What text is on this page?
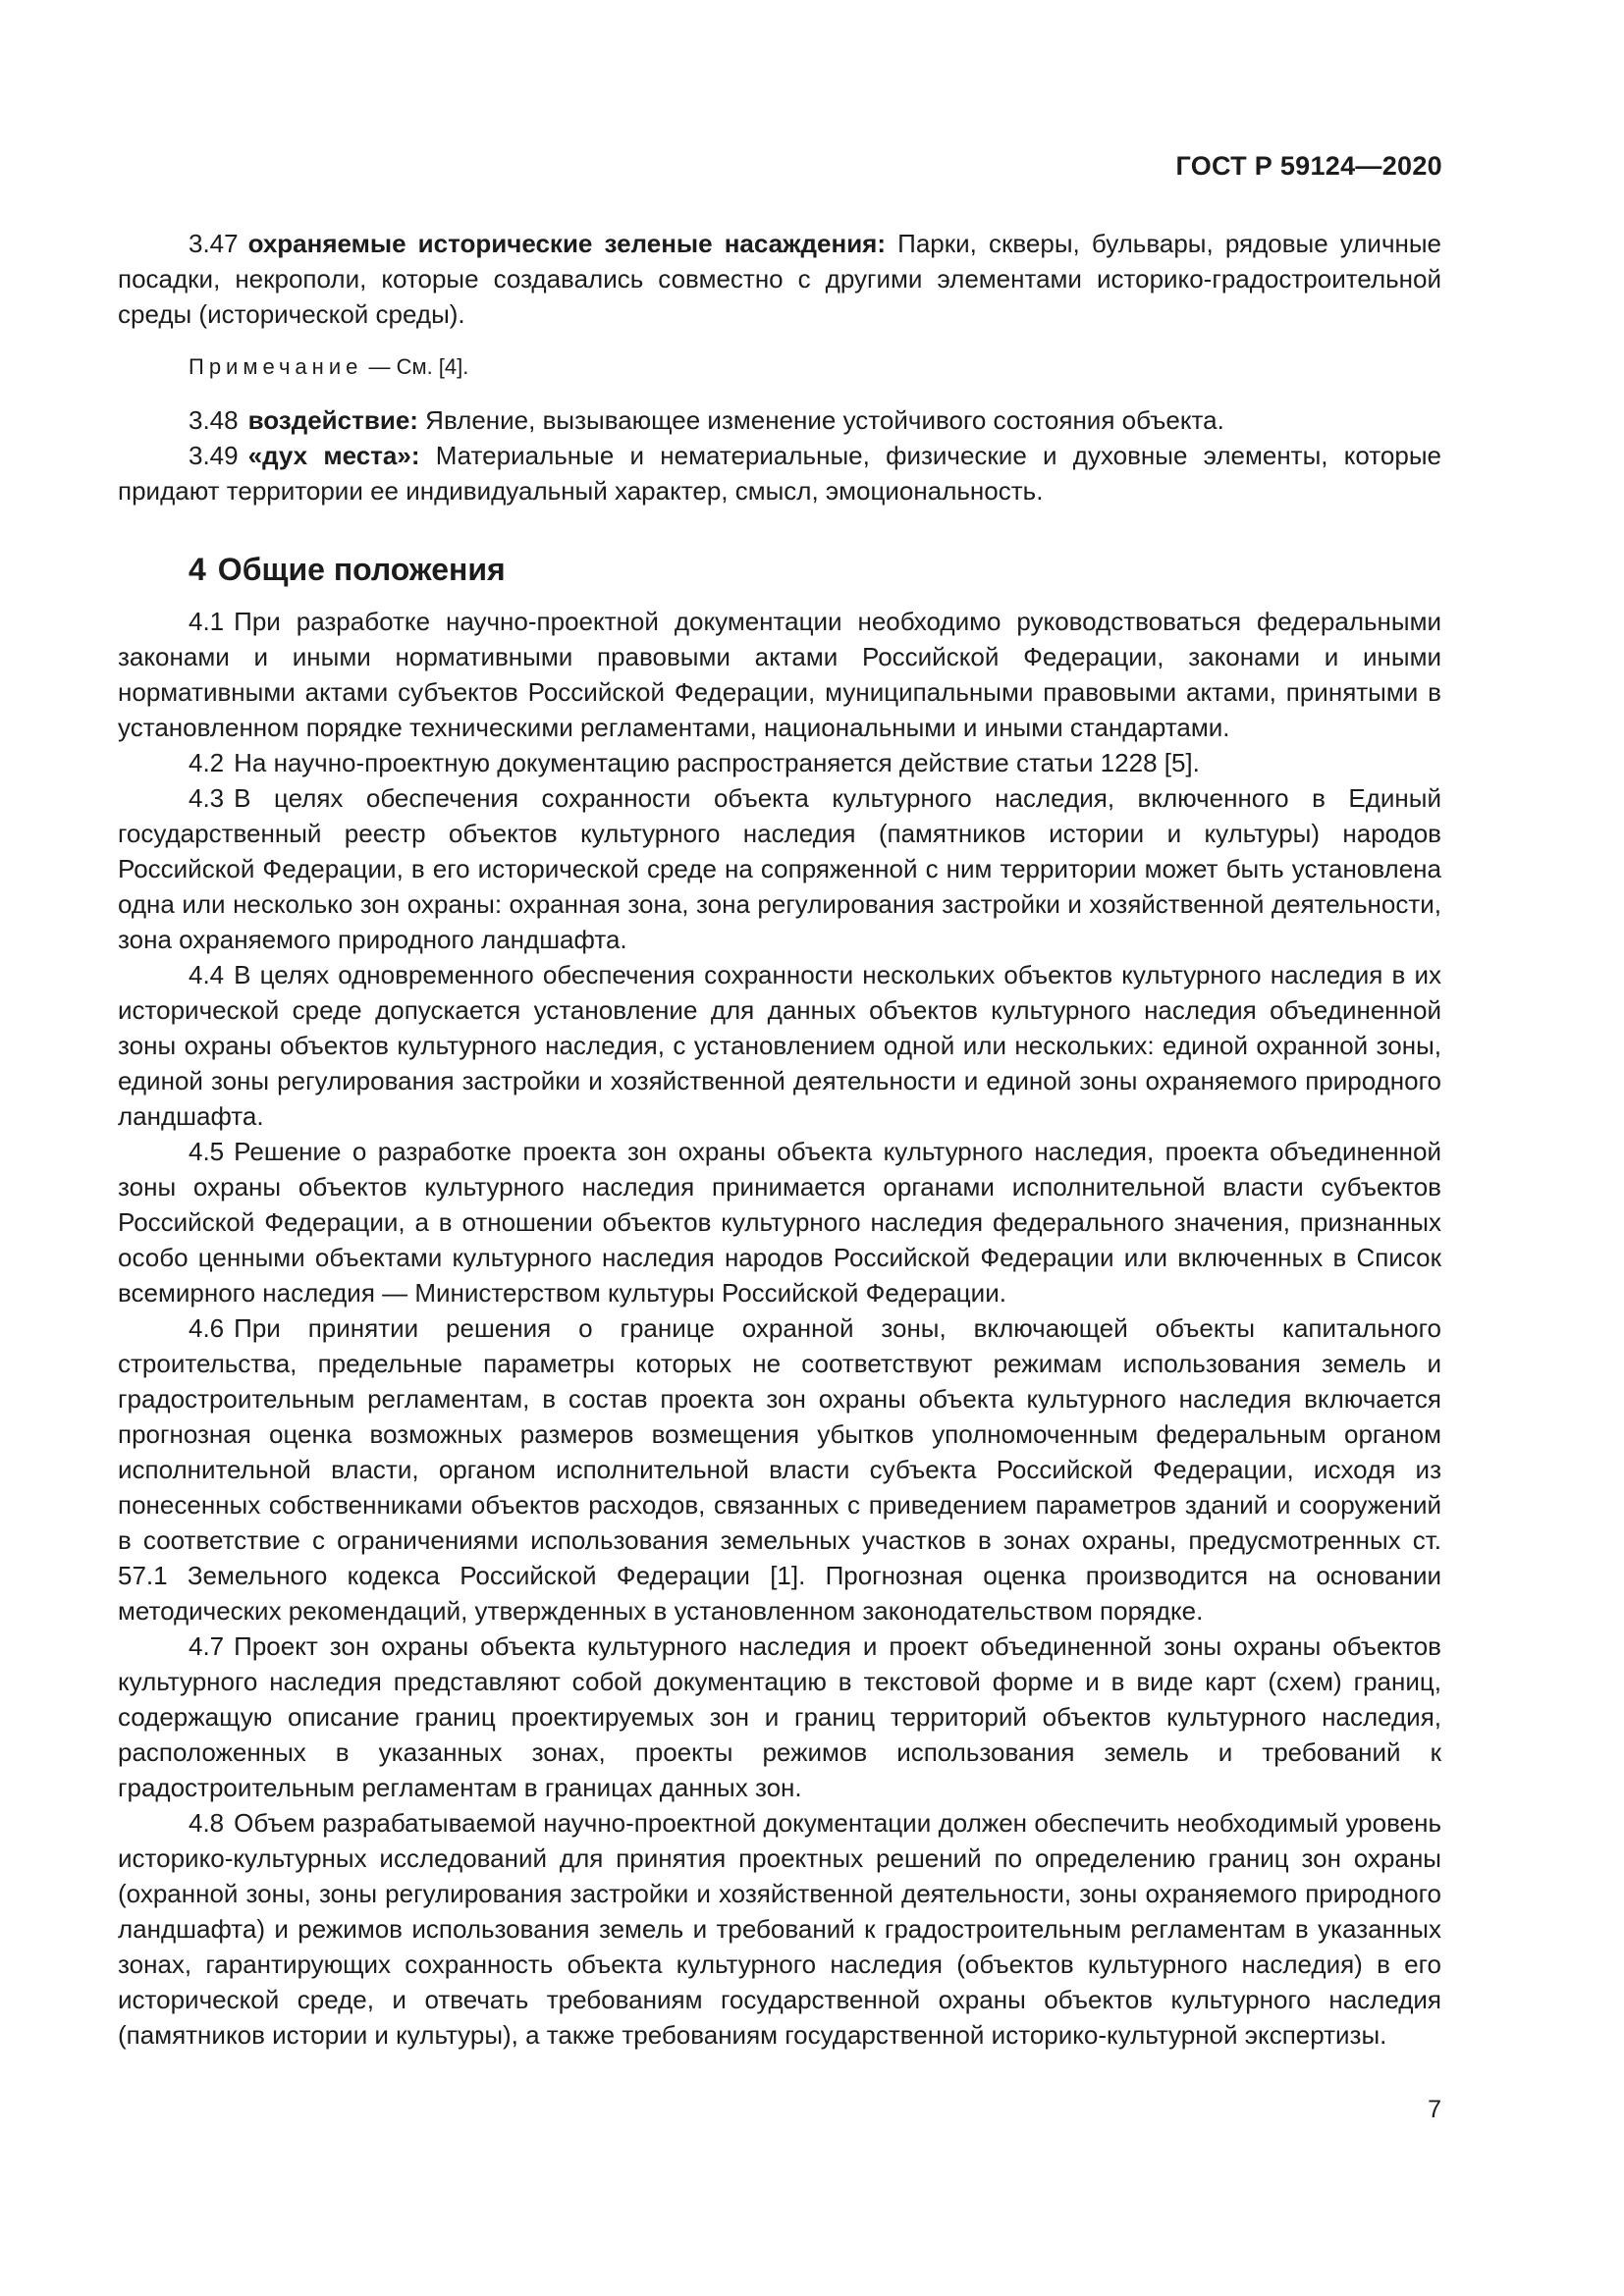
ГОСТ Р 59124—2020

3.47 охраняемые исторические зеленые насаждения: Парки, скверы, бульвары, рядовые уличные посадки, некрополи, которые создавались совместно с другими элементами историко-градостроительной среды (исторической среды).

Примечание — См. [4].

3.48 воздействие: Явление, вызывающее изменение устойчивого состояния объекта.

3.49 «дух места»: Материальные и нематериальные, физические и духовные элементы, которые придают территории ее индивидуальный характер, смысл, эмоциональность.

4 Общие положения

4.1 При разработке научно-проектной документации необходимо руководствоваться федеральными законами и иными нормативными правовыми актами Российской Федерации, законами и иными нормативными актами субъектов Российской Федерации, муниципальными правовыми актами, принятыми в установленном порядке техническими регламентами, национальными и иными стандартами.

4.2 На научно-проектную документацию распространяется действие статьи 1228 [5].

4.3 В целях обеспечения сохранности объекта культурного наследия, включенного в Единый государственный реестр объектов культурного наследия (памятников истории и культуры) народов Российской Федерации, в его исторической среде на сопряженной с ним территории может быть установлена одна или несколько зон охраны: охранная зона, зона регулирования застройки и хозяйственной деятельности, зона охраняемого природного ландшафта.

4.4 В целях одновременного обеспечения сохранности нескольких объектов культурного наследия в их исторической среде допускается установление для данных объектов культурного наследия объединенной зоны охраны объектов культурного наследия, с установлением одной или нескольких: единой охранной зоны, единой зоны регулирования застройки и хозяйственной деятельности и единой зоны охраняемого природного ландшафта.

4.5 Решение о разработке проекта зон охраны объекта культурного наследия, проекта объединенной зоны охраны объектов культурного наследия принимается органами исполнительной власти субъектов Российской Федерации, а в отношении объектов культурного наследия федерального значения, признанных особо ценными объектами культурного наследия народов Российской Федерации или включенных в Список всемирного наследия — Министерством культуры Российской Федерации.

4.6 При принятии решения о границе охранной зоны, включающей объекты капитального строительства, предельные параметры которых не соответствуют режимам использования земель и градостроительным регламентам, в состав проекта зон охраны объекта культурного наследия включается прогнозная оценка возможных размеров возмещения убытков уполномоченным федеральным органом исполнительной власти, органом исполнительной власти субъекта Российской Федерации, исходя из понесенных собственниками объектов расходов, связанных с приведением параметров зданий и сооружений в соответствие с ограничениями использования земельных участков в зонах охраны, предусмотренных ст. 57.1 Земельного кодекса Российской Федерации [1]. Прогнозная оценка производится на основании методических рекомендаций, утвержденных в установленном законодательством порядке.

4.7 Проект зон охраны объекта культурного наследия и проект объединенной зоны охраны объектов культурного наследия представляют собой документацию в текстовой форме и в виде карт (схем) границ, содержащую описание границ проектируемых зон и границ территорий объектов культурного наследия, расположенных в указанных зонах, проекты режимов использования земель и требований к градостроительным регламентам в границах данных зон.

4.8 Объем разрабатываемой научно-проектной документации должен обеспечить необходимый уровень историко-культурных исследований для принятия проектных решений по определению границ зон охраны (охранной зоны, зоны регулирования застройки и хозяйственной деятельности, зоны охраняемого природного ландшафта) и режимов использования земель и требований к градостроительным регламентам в указанных зонах, гарантирующих сохранность объекта культурного наследия (объектов культурного наследия) в его исторической среде, и отвечать требованиям государственной охраны объектов культурного наследия (памятников истории и культуры), а также требованиям государственной историко-культурной экспертизы.

7
